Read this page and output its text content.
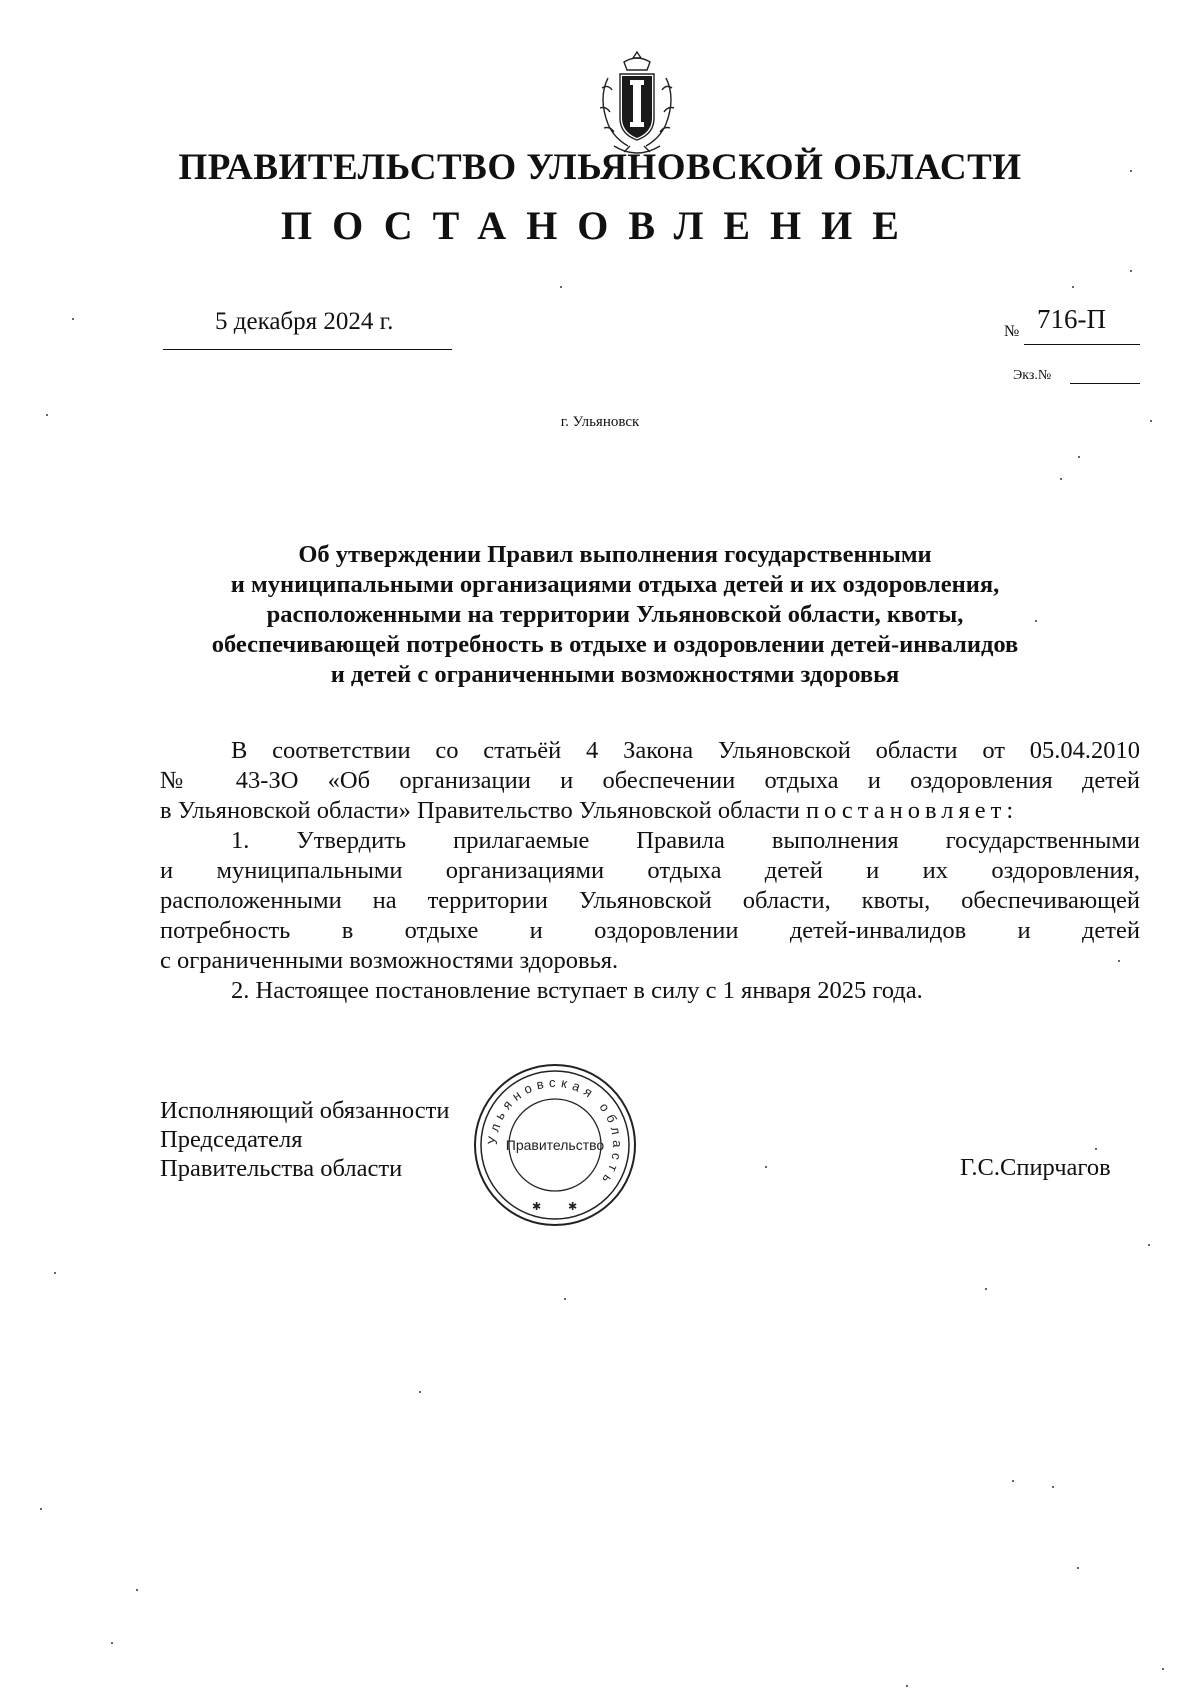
ПРАВИТЕЛЬСТВО УЛЬЯНОВСКОЙ ОБЛАСТИ
ПОСТАНОВЛЕНИЕ
5 декабря 2024 г.	№ 716-П
Экз.№
г. Ульяновск
Об утверждении Правил выполнения государственными
и муниципальными организациями отдыха детей и их оздоровления,
расположенными на территории Ульяновской области, квоты,
обеспечивающей потребность в отдыхе и оздоровлении детей-инвалидов
и детей с ограниченными возможностями здоровья
В соответствии со статьёй 4 Закона Ульяновской области от 05.04.2010
№ 43-ЗО «Об организации и обеспечении отдыха и оздоровления детей
в Ульяновской области» Правительство Ульяновской области постановляет:
1. Утвердить прилагаемые Правила выполнения государственными
и муниципальными организациями отдыха детей и их оздоровления,
расположенными на территории Ульяновской области, квоты, обеспечивающей
потребность в отдыхе и оздоровлении детей-инвалидов и детей
с ограниченными возможностями здоровья.
2. Настоящее постановление вступает в силу с 1 января 2025 года.
Исполняющий обязанности
Председателя
Правительства области	Г.С.Спирчагов
Ульяновская область
Правительство
✱ ✱
